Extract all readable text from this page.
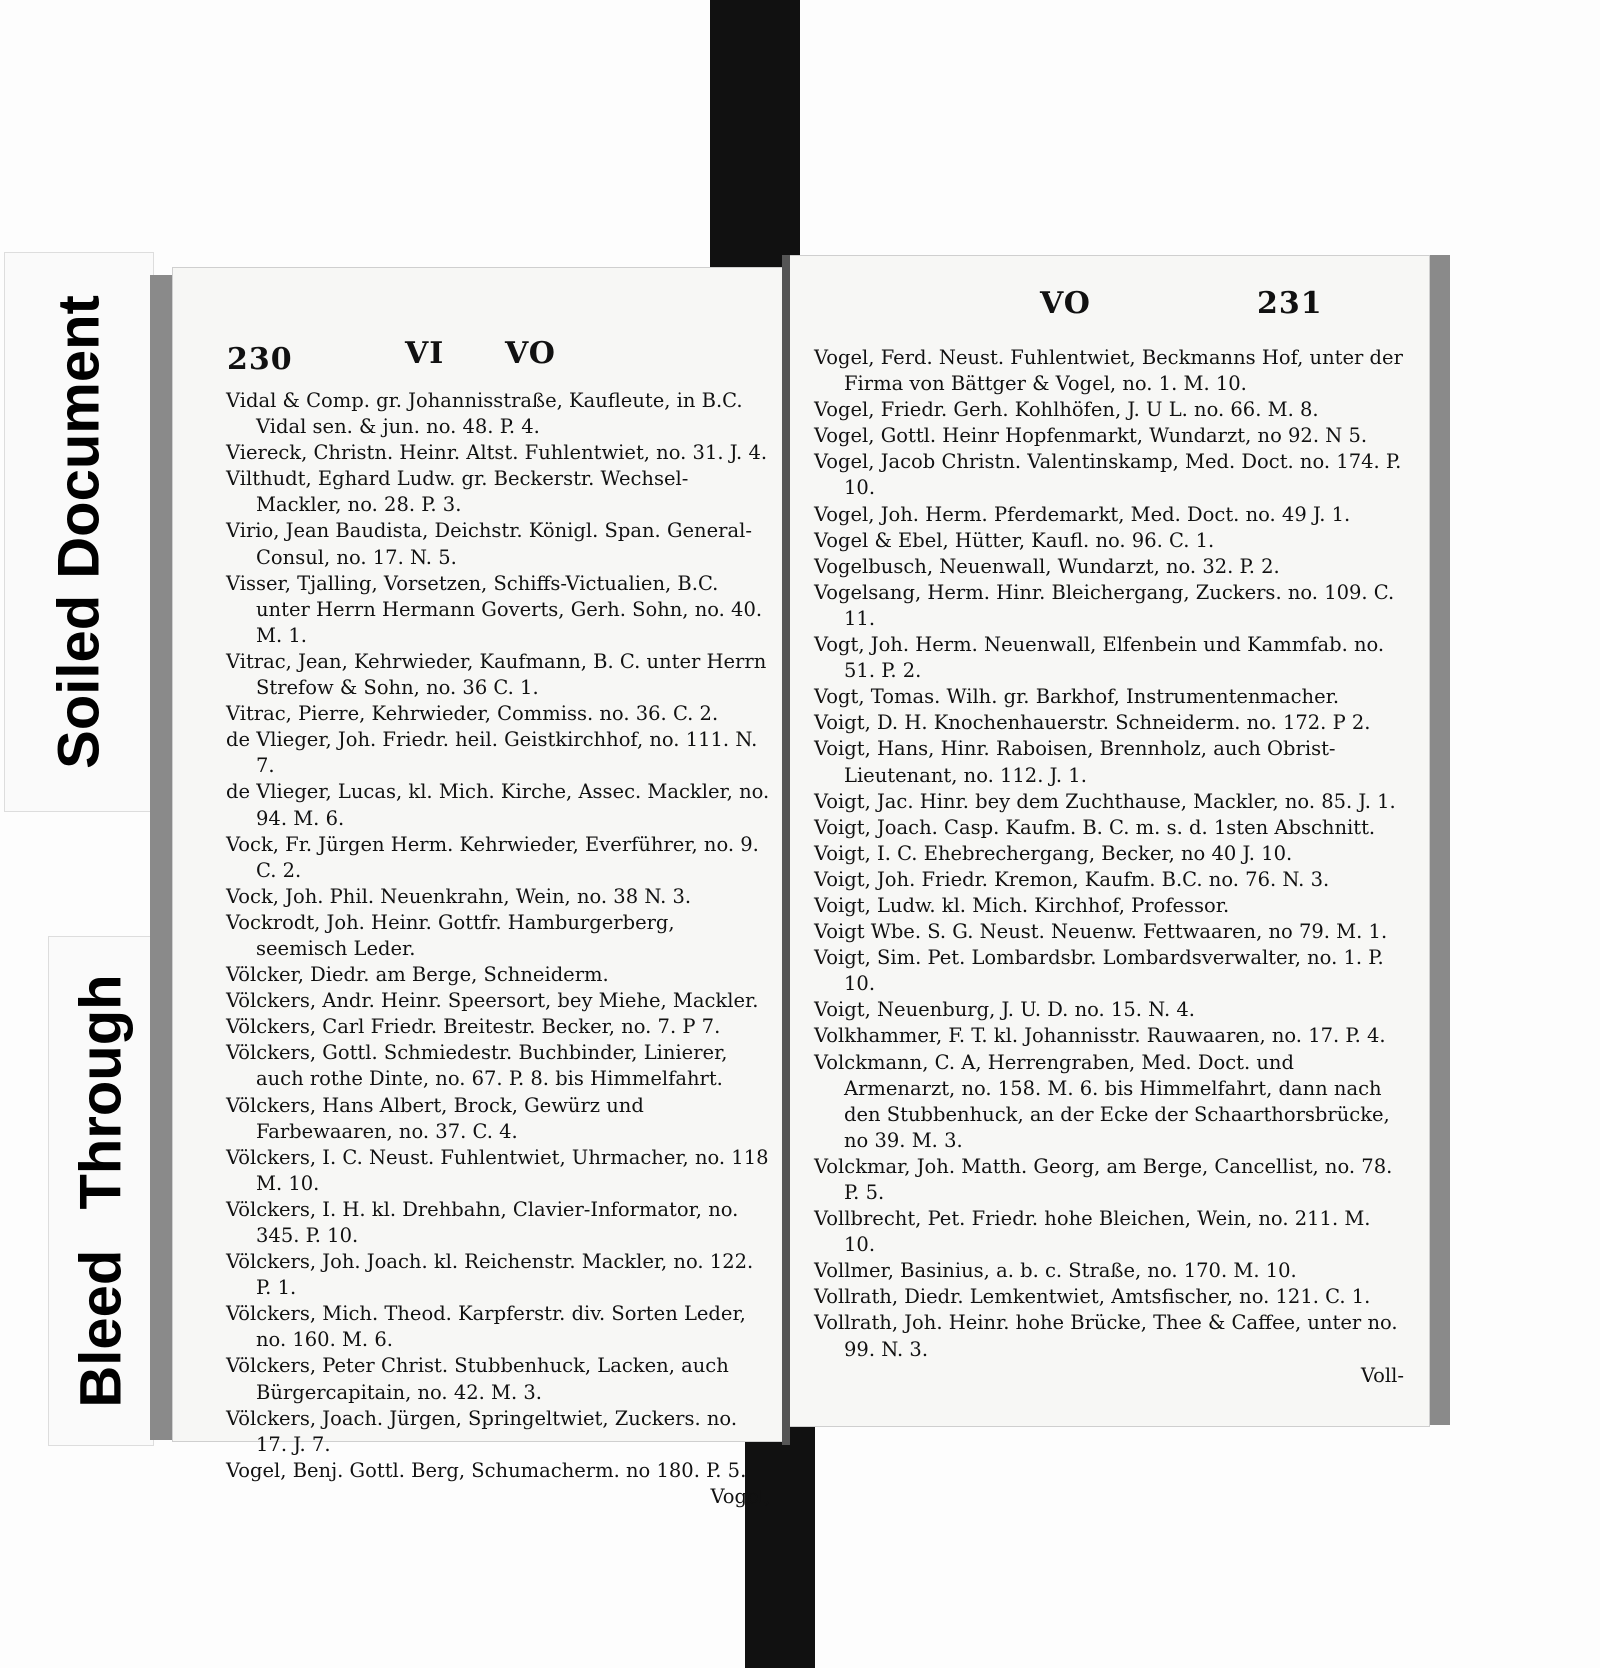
Soiled Document
Bleed Through
230	VI VO
VO	231
Vidal & Comp. gr. Johannisstraße, Kaufleute, in B.C. Vidal sen. & jun. no. 48. P. 4.
Viereck, Christn. Heinr. Altst. Fuhlentwiet, no. 31. J. 4.
Vilthudt, Eghard Ludw. gr. Beckerstr. Wechsel-Mackler, no. 28. P. 3.
Virio, Jean Baudista, Deichstr. Königl. Span. General-Consul, no. 17. N. 5.
Visser, Tjalling, Vorsetzen, Schiffs-Victualien, B.C. unter Herrn Hermann Goverts, Gerh. Sohn, no. 40. M. 1.
Vitrac, Jean, Kehrwieder, Kaufmann, B. C. unter Herrn Strefow & Sohn, no. 36 C. 1.
Vitrac, Pierre, Kehrwieder, Commiss. no. 36. C. 2.
de Vlieger, Joh. Friedr. heil. Geistkirchhof, no. 111. N. 7.
de Vlieger, Lucas, kl. Mich. Kirche, Assec. Mackler, no. 94. M. 6.
Vock, Fr. Jürgen Herm. Kehrwieder, Everführer, no. 9. C. 2.
Vock, Joh. Phil. Neuenkrahn, Wein, no. 38 N. 3.
Vockrodt, Joh. Heinr. Gottfr. Hamburgerberg, seemisch Leder.
Völcker, Diedr. am Berge, Schneiderm.
Völckers, Andr. Heinr. Speersort, bey Miehe, Mackler.
Völckers, Carl Friedr. Breitestr. Becker, no. 7. P 7.
Völckers, Gottl. Schmiedestr. Buchbinder, Linierer, auch rothe Dinte, no. 67. P. 8. bis Himmelfahrt.
Völckers, Hans Albert, Brock, Gewürz und Farbewaaren, no. 37. C. 4.
Völckers, I. C. Neust. Fuhlentwiet, Uhrmacher, no. 118 M. 10.
Völckers, I. H. kl. Drehbahn, Clavier-Informator, no. 345. P. 10.
Völckers, Joh. Joach. kl. Reichenstr. Mackler, no. 122. P. 1.
Völckers, Mich. Theod. Karpferstr. div. Sorten Leder, no. 160. M. 6.
Völckers, Peter Christ. Stubbenhuck, Lacken, auch Bürgercapitain, no. 42. M. 3.
Völckers, Joach. Jürgen, Springeltwiet, Zuckers. no. 17. J. 7.
Vogel, Benj. Gottl. Berg, Schumacherm. no 180. P. 5.
Vogel,
Vogel, Ferd. Neust. Fuhlentwiet, Beckmanns Hof, unter der Firma von Bättger & Vogel, no. 1. M. 10.
Vogel, Friedr. Gerh. Kohlhöfen, J. U L. no. 66. M. 8.
Vogel, Gottl. Heinr Hopfenmarkt, Wundarzt, no 92. N 5.
Vogel, Jacob Christn. Valentinskamp, Med. Doct. no. 174. P. 10.
Vogel, Joh. Herm. Pferdemarkt, Med. Doct. no. 49 J. 1.
Vogel & Ebel, Hütter, Kaufl. no. 96. C. 1.
Vogelbusch, Neuenwall, Wundarzt, no. 32. P. 2.
Vogelsang, Herm. Hinr. Bleichergang, Zuckers. no. 109. C. 11.
Vogt, Joh. Herm. Neuenwall, Elfenbein und Kammfab. no. 51. P. 2.
Vogt, Tomas. Wilh. gr. Barkhof, Instrumentenmacher.
Voigt, D. H. Knochenhauerstr. Schneiderm. no. 172. P 2.
Voigt, Hans, Hinr. Raboisen, Brennholz, auch Obrist-Lieutenant, no. 112. J. 1.
Voigt, Jac. Hinr. bey dem Zuchthause, Mackler, no. 85. J. 1.
Voigt, Joach. Casp. Kaufm. B. C. m. s. d. 1sten Abschnitt.
Voigt, I. C. Ehebrechergang, Becker, no 40 J. 10.
Voigt, Joh. Friedr. Kremon, Kaufm. B.C. no. 76. N. 3.
Voigt, Ludw. kl. Mich. Kirchhof, Professor.
Voigt Wbe. S. G. Neust. Neuenw. Fettwaaren, no 79. M. 1.
Voigt, Sim. Pet. Lombardsbr. Lombardsverwalter, no. 1. P. 10.
Voigt, Neuenburg, J. U. D. no. 15. N. 4.
Volkhammer, F. T. kl. Johannisstr. Rauwaaren, no. 17. P. 4.
Volckmann, C. A, Herrengraben, Med. Doct. und Armenarzt, no. 158. M. 6. bis Himmelfahrt, dann nach den Stubbenhuck, an der Ecke der Schaarthorsbrücke, no 39. M. 3.
Volckmar, Joh. Matth. Georg, am Berge, Cancellist, no. 78. P. 5.
Vollbrecht, Pet. Friedr. hohe Bleichen, Wein, no. 211. M. 10.
Vollmer, Basinius, a. b. c. Straße, no. 170. M. 10.
Vollrath, Diedr. Lemkentwiet, Amtsfischer, no. 121. C. 1.
Vollrath, Joh. Heinr. hohe Brücke, Thee & Caffee, unter no. 99. N. 3.
Voll-
